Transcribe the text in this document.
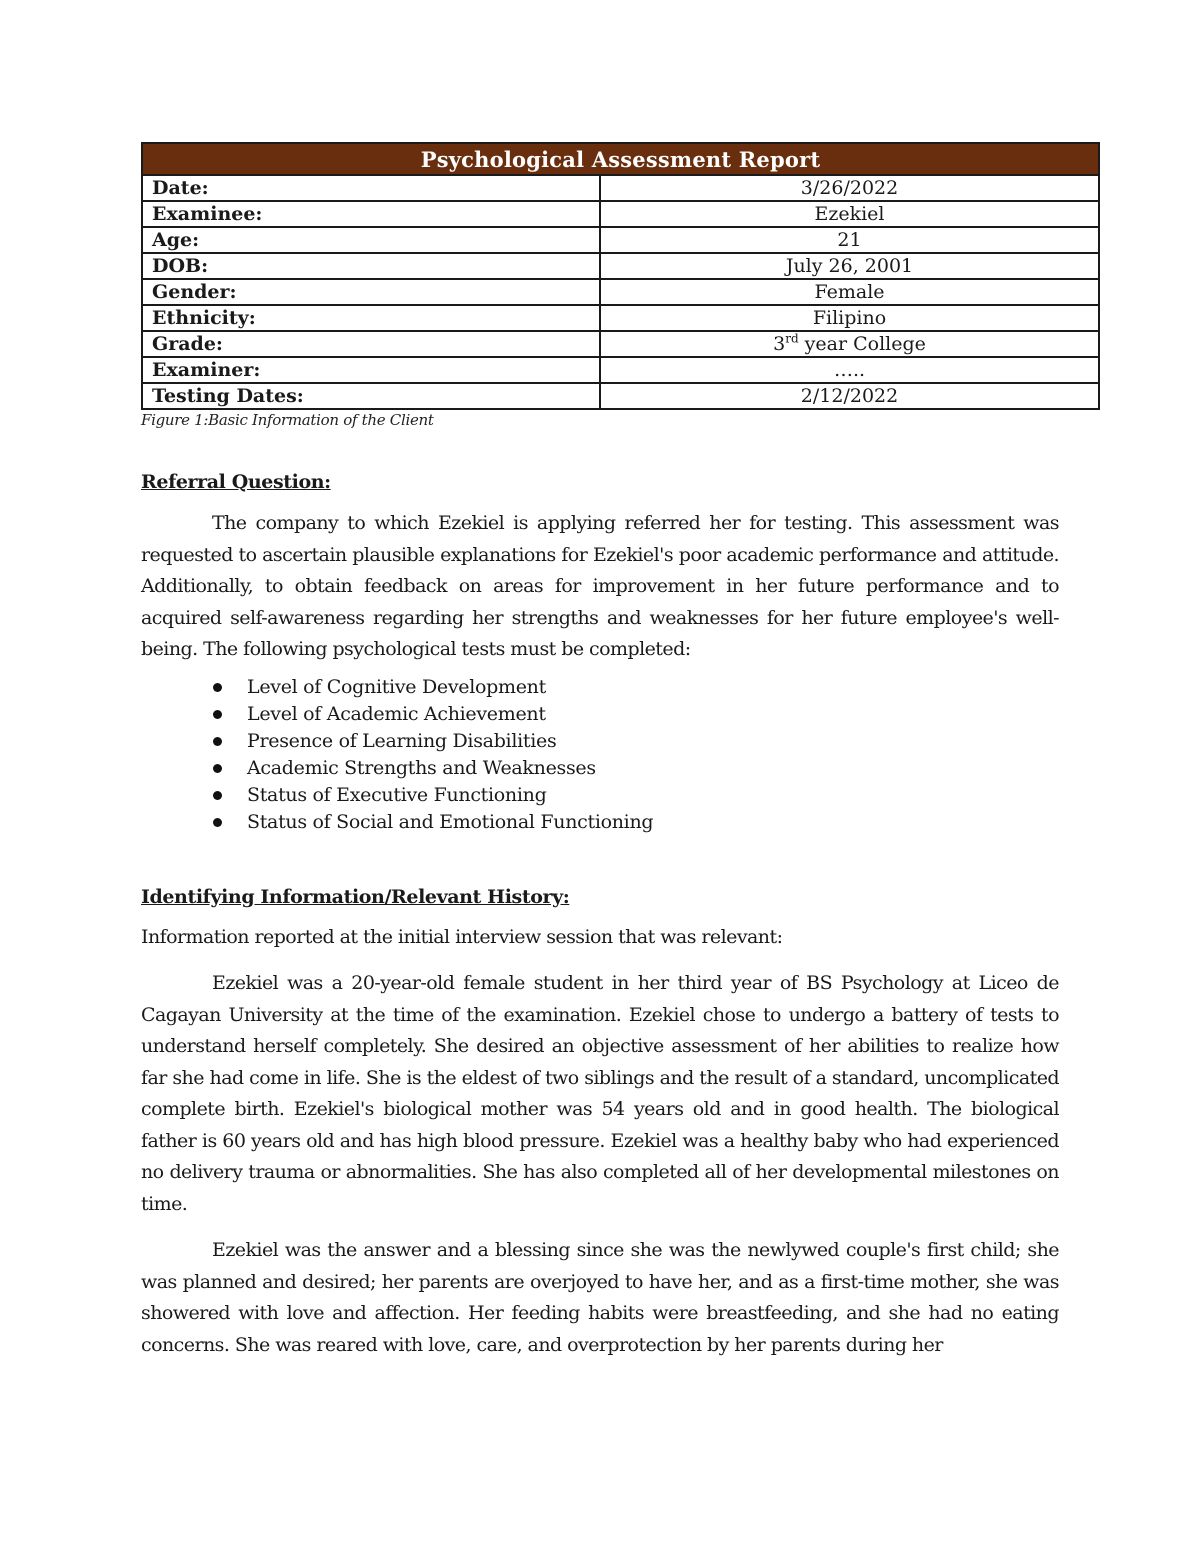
Psychological Assessment Report	
Date:	3/26/2022
Examinee:	Ezekiel
Age:	21
DOB:	July 26, 2001
Gender:	Female
Ethnicity:	Filipino
Grade:	3rd year College
Examiner:	…..
Testing Dates:	2/12/2022
Figure 1:Basic Information of the Client
Referral Question:

The company to which Ezekiel is applying referred her for testing. This assessment was requested to ascertain plausible explanations for Ezekiel's poor academic performance and attitude. Additionally, to obtain feedback on areas for improvement in her future performance and to acquired self-awareness regarding her strengths and weaknesses for her future employee's well-being. The following psychological tests must be completed:

Level of Cognitive Development
Level of Academic Achievement
Presence of Learning Disabilities
Academic Strengths and Weaknesses
Status of Executive Functioning
Status of Social and Emotional Functioning
Identifying Information/Relevant History:

Information reported at the initial interview session that was relevant:

Ezekiel was a 20-year-old female student in her third year of BS Psychology at Liceo de Cagayan University at the time of the examination. Ezekiel chose to undergo a battery of tests to understand herself completely. She desired an objective assessment of her abilities to realize how far she had come in life. She is the eldest of two siblings and the result of a standard, uncomplicated complete birth. Ezekiel's biological mother was 54 years old and in good health. The biological father is 60 years old and has high blood pressure. Ezekiel was a healthy baby who had experienced no delivery trauma or abnormalities. She has also completed all of her developmental milestones on time.

Ezekiel was the answer and a blessing since she was the newlywed couple's first child; she was planned and desired; her parents are overjoyed to have her, and as a first-time mother, she was showered with love and affection. Her feeding habits were breastfeeding, and she had no eating concerns. She was reared with love, care, and overprotection by her parents during her
